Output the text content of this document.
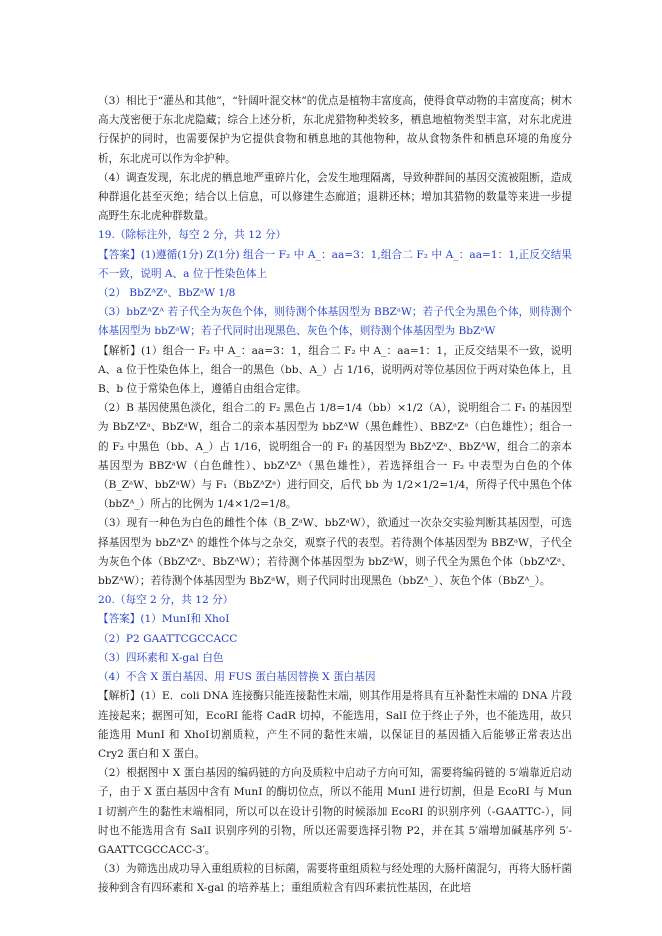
（3）相比于“灌丛和其他”，“针阔叶混交林”的优点是植物丰富度高，使得食草动物的丰富度高；树木高大茂密便于东北虎隐藏；综合上述分析，东北虎猎物种类较多，栖息地植物类型丰富，对东北虎进行保护的同时，也需要保护为它提供食物和栖息地的其他物种，故从食物条件和栖息环境的角度分析，东北虎可以作为伞护种。

（4）调查发现，东北虎的栖息地严重碎片化，会发生地理隔离，导致种群间的基因交流被阻断，造成种群退化甚至灭绝；结合以上信息，可以修建生态廊道；退耕还林；增加其猎物的数量等来进一步提高野生东北虎种群数量。

19.（除标注外，每空 2 分，共 12 分）

【答案】(1)遵循(1分) Z(1分) 组合一 F₂ 中 A_：aa=3：1,组合二 F₂ 中 A_：aa=1：1,正反交结果不一致，说明 A、a 位于性染色体上

（2） BbZᴬZᵃ、BbZᵃW 1/8

（3）bbZᴬZᴬ 若子代全为灰色个体，则待测个体基因型为 BBZᵃW；若子代全为黑色个体，则待测个体基因型为 bbZᵃW；若子代同时出现黑色、灰色个体，则待测个体基因型为 BbZᵃW

【解析】(1）组合一 F₂ 中 A_：aa=3：1，组合二 F₂ 中 A_：aa=1：1，正反交结果不一致，说明 A、a 位于性染色体上，组合一的黑色（bb、A_）占 1/16，说明两对等位基因位于两对染色体上，且 B、b 位于常染色体上，遵循自由组合定律。

（2）B 基因使黑色淡化，组合二的 F₂ 黑色占 1/8=1/4（bb）×1/2（A），说明组合二 F₁ 的基因型为 BbZᴬZᵃ、BbZᵃW，组合二的亲本基因型为 bbZᴬW（黑色雌性）、BBZᵃZᵃ（白色雄性）；组合一的 F₂ 中黑色（bb、A_）占 1/16，说明组合一的 F₁ 的基因型为 BbZᴬZᵃ、BbZᴬW，组合二的亲本基因型为 BBZᵃW（白色雌性）、bbZᴬZᴬ（黑色雄性），若选择组合一 F₂ 中表型为白色的个体（B_ZᵃW、bbZᵃW）与 F₁（BbZᴬZᵃ）进行回交，后代 bb 为 1/2×1/2=1/4，所得子代中黑色个体（bbZᴬ_）所占的比例为 1/4×1/2=1/8。

（3）现有一种色为白色的雌性个体（B_ZᵃW、bbZᵃW），欲通过一次杂交实验判断其基因型，可选择基因型为 bbZᴬZᴬ 的雄性个体与之杂交，观察子代的表型。若待测个体基因型为 BBZᵃW，子代全为灰色个体（BbZᴬZᵃ、BbZᴬW）；若待测个体基因型为 bbZᵃW，则子代全为黑色个体（bbZᴬZᵃ、bbZᴬW）；若待测个体基因型为 BbZᵃW，则子代同时出现黑色（bbZᴬ_）、灰色个体（BbZᴬ_）。

20.（每空 2 分，共 12 分）

【答案】(1）MunI和 XhoI

（2）P2 GAATTCGCCACC

（3）四环素和 X-gal 白色

（4）不含 X 蛋白基因、用 FUS 蛋白基因替换 X 蛋白基因

【解析】(1）E．coli DNA 连接酶只能连接黏性末端，则其作用是将具有互补黏性末端的 DNA 片段连接起来；据图可知，EcoRI 能将 CadR 切掉，不能选用，SalI 位于终止子外，也不能选用，故只能选用 MunI 和 XhoI切割质粒，产生不同的黏性末端，以保证目的基因插入后能够正常表达出 Cry2 蛋白和 X 蛋白。

（2）根据图中 X 蛋白基因的编码链的方向及质粒中启动子方向可知，需要将编码链的 5′端靠近启动子，由于 X 蛋白基因中含有 MunI 的酶切位点，所以不能用 MunI 进行切割，但是 EcoRI 与 Mun I 切割产生的黏性末端相同，所以可以在设计引物的时候添加 EcoRI 的识别序列（-GAATTC-），同时也不能选用含有 SalI 识别序列的引物，所以还需要选择引物 P2，并在其 5′端增加碱基序列 5′-GAATTCGCCACC-3′。

（3）为筛选出成功导入重组质粒的目标菌，需要将重组质粒与经处理的大肠杆菌混匀，再将大肠杆菌接种到含有四环素和 X-gal 的培养基上；重组质粒含有四环素抗性基因，在此培
